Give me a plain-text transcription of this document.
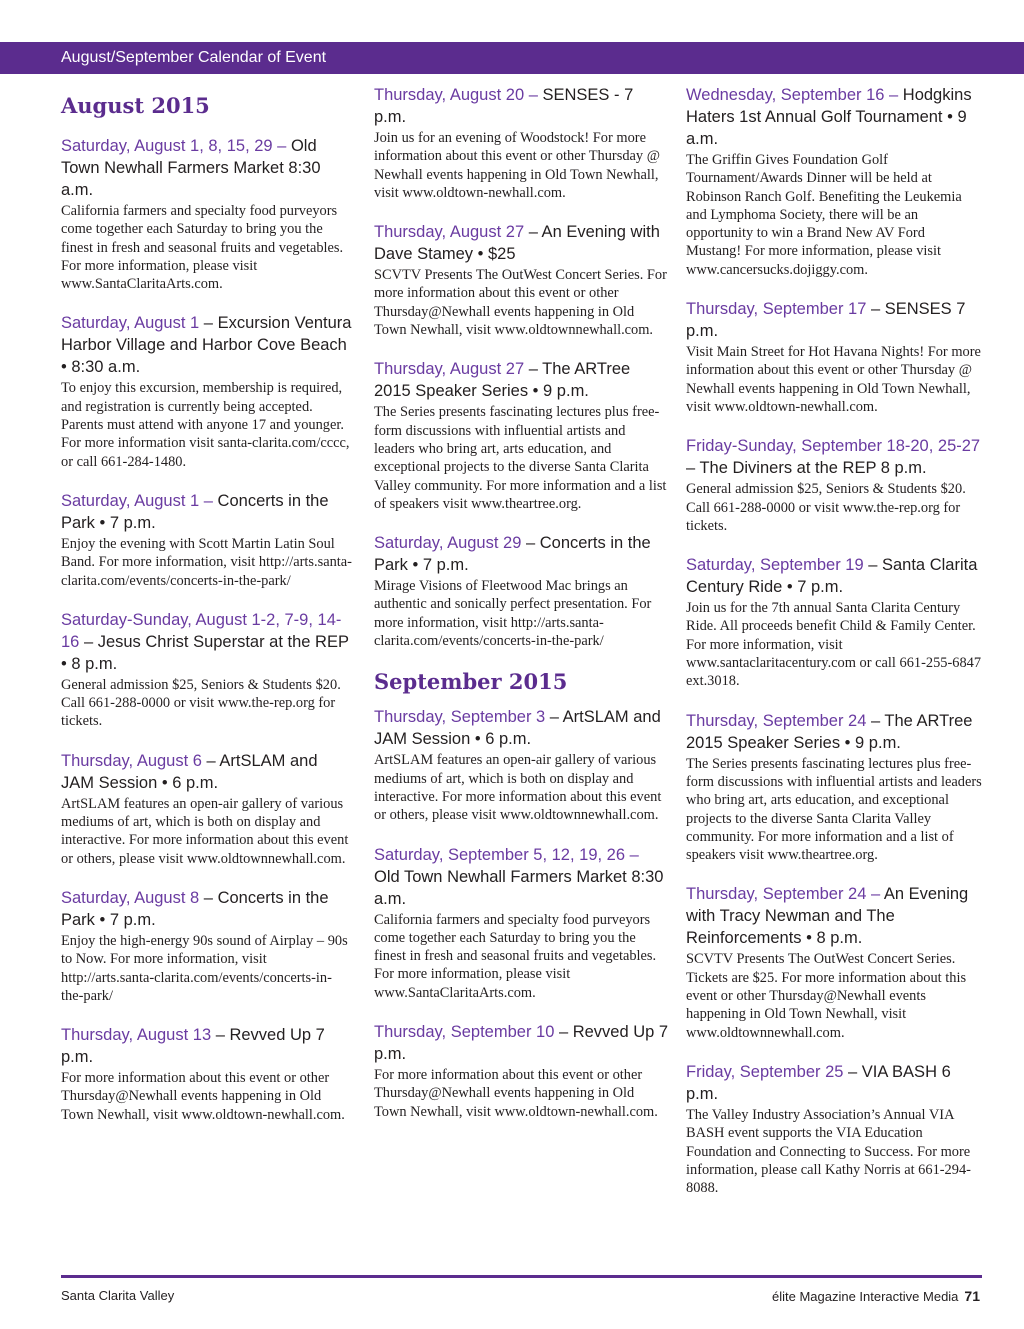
August/September Calendar of Event
August 2015
Saturday, August 1, 8, 15, 29 – Old Town Newhall Farmers Market 8:30 a.m.
California farmers and specialty food purveyors come together each Saturday to bring you the finest in fresh and seasonal fruits and vegetables. For more information, please visit www.SantaClaritaArts.com.
Saturday, August 1 – Excursion Ventura Harbor Village and Harbor Cove Beach • 8:30 a.m.
To enjoy this excursion, membership is required, and registration is currently being accepted. Parents must attend with anyone 17 and younger. For more information visit santa-clarita.com/cccc, or call 661-284-1480.
Saturday, August 1 – Concerts in the Park • 7 p.m.
Enjoy the evening with Scott Martin Latin Soul Band. For more information, visit http://arts.santa-clarita.com/events/concerts-in-the-park/
Saturday-Sunday, August 1-2, 7-9, 14-16 – Jesus Christ Superstar at the REP • 8 p.m.
General admission $25, Seniors & Students $20. Call 661-288-0000 or visit www.the-rep.org for tickets.
Thursday, August 6 – ArtSLAM and JAM Session • 6 p.m.
ArtSLAM features an open-air gallery of various mediums of art, which is both on display and interactive. For more information about this event or others, please visit www.oldtownnewhall.com.
Saturday, August 8 – Concerts in the Park • 7 p.m.
Enjoy the high-energy 90s sound of Airplay – 90s to Now. For more information, visit http://arts.santa-clarita.com/events/concerts-in-the-park/
Thursday, August 13 – Revved Up 7 p.m.
For more information about this event or other Thursday@Newhall events happening in Old Town Newhall, visit www.oldtown-newhall.com.
Thursday, August 20 – SENSES - 7 p.m.
Join us for an evening of Woodstock! For more information about this event or other Thursday @ Newhall events happening in Old Town Newhall, visit www.oldtown-newhall.com.
Thursday, August 27 – An Evening with Dave Stamey • $25
SCVTV Presents The OutWest Concert Series. For more information about this event or other Thursday@Newhall events happening in Old Town Newhall, visit www.oldtownnewhall.com.
Thursday, August 27 – The ARTree 2015 Speaker Series • 9 p.m.
The Series presents fascinating lectures plus free-form discussions with influential artists and leaders who bring art, arts education, and exceptional projects to the diverse Santa Clarita Valley community. For more information and a list of speakers visit www.theartree.org.
Saturday, August 29 – Concerts in the Park • 7 p.m.
Mirage Visions of Fleetwood Mac brings an authentic and sonically perfect presentation. For more information, visit http://arts.santa-clarita.com/events/concerts-in-the-park/
September 2015
Thursday, September 3 – ArtSLAM and JAM Session • 6 p.m.
ArtSLAM features an open-air gallery of various mediums of art, which is both on display and interactive. For more information about this event or others, please visit www.oldtownnewhall.com.
Saturday, September 5, 12, 19, 26 – Old Town Newhall Farmers Market 8:30 a.m.
California farmers and specialty food purveyors come together each Saturday to bring you the finest in fresh and seasonal fruits and vegetables. For more information, please visit www.SantaClaritaArts.com.
Thursday, September 10 – Revved Up 7 p.m.
For more information about this event or other Thursday@Newhall events happening in Old Town Newhall, visit www.oldtown-newhall.com.
Wednesday, September 16 – Hodgkins Haters 1st Annual Golf Tournament • 9 a.m.
The Griffin Gives Foundation Golf Tournament/Awards Dinner will be held at Robinson Ranch Golf. Benefiting the Leukemia and Lymphoma Society, there will be an opportunity to win a Brand New AV Ford Mustang! For more information, please visit www.cancersucks.dojiggy.com.
Thursday, September 17 – SENSES 7 p.m.
Visit Main Street for Hot Havana Nights! For more information about this event or other Thursday @ Newhall events happening in Old Town Newhall, visit www.oldtown-newhall.com.
Friday-Sunday, September 18-20, 25-27 – The Diviners at the REP 8 p.m.
General admission $25, Seniors & Students $20. Call 661-288-0000 or visit www.the-rep.org for tickets.
Saturday, September 19 – Santa Clarita Century Ride • 7 p.m.
Join us for the 7th annual Santa Clarita Century Ride. All proceeds benefit Child & Family Center. For more information, visit www.santaclaritacentury.com or call 661-255-6847 ext.3018.
Thursday, September 24 – The ARTree 2015 Speaker Series • 9 p.m.
The Series presents fascinating lectures plus free-form discussions with influential artists and leaders who bring art, arts education, and exceptional projects to the diverse Santa Clarita Valley community. For more information and a list of speakers visit www.theartree.org.
Thursday, September 24 – An Evening with Tracy Newman and The Reinforcements • 8 p.m.
SCVTV Presents The OutWest Concert Series. Tickets are $25. For more information about this event or other Thursday@Newhall events happening in Old Town Newhall, visit www.oldtownnewhall.com.
Friday, September 25 – VIA BASH 6 p.m.
The Valley Industry Association’s Annual VIA BASH event supports the VIA Education Foundation and Connecting to Success. For more information, please call Kathy Norris at 661-294-8088.
Santa Clarita Valley	élite Magazine Interactive Media 71
